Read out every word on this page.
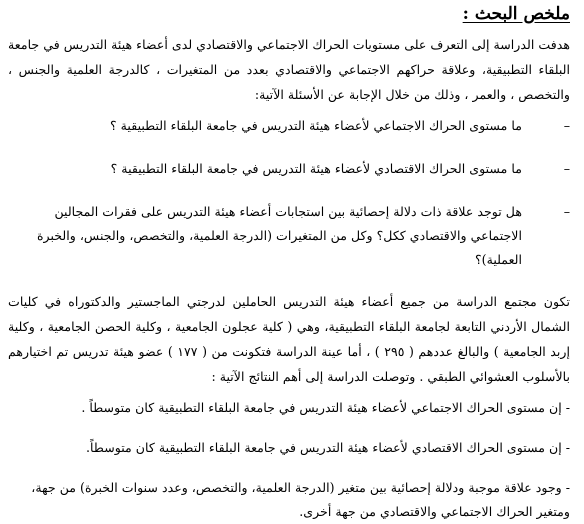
ملخص البحث :

هدفت الدراسة إلى التعرف على مستويات الحراك الاجتماعي والاقتصادي لدى أعضاء هيئة التدريس في جامعة البلقاء التطبيقية، وعلاقة حراكهم الاجتماعي والاقتصادي بعدد من المتغيرات ، كالدرجة العلمية والجنس ، والتخصص ، والعمر ، وذلك من خلال الإجابة عن الأسئلة الآتية:

–
ما مستوى الحراك الاجتماعي لأعضاء هيئة التدريس في جامعة البلقاء التطبيقية ؟
–
ما مستوى الحراك الاقتصادي لأعضاء هيئة التدريس في جامعة البلقاء التطبيقية ؟
–
هل توجد علاقة ذات دلالة إحصائية بين استجابات أعضاء هيئة التدريس على فقرات المجالين الاجتماعي والاقتصادي ككل؟ وكل من المتغيرات (الدرجة العلمية، والتخصص، والجنس، والخبرة العملية)؟

تكون مجتمع الدراسة من جميع أعضاء هيئة التدريس الحاملين لدرجتي الماجستير والدكتوراه في كليات الشمال الأردني التابعة لجامعة البلقاء التطبيقية، وهي ( كلية عجلون الجامعية ، وكلية الحصن الجامعية ، وكلية إربد الجامعية ) والبالغ عددهم ( ٢٩٥ ) ، أما عينة الدراسة فتكونت من ( ١٧٧ ) عضو هيئة تدريس تم اختيارهم بالأسلوب العشوائي الطبقي . وتوصلت الدراسة إلى أهم النتائج الآتية :

- إن مستوى الحراك الاجتماعي لأعضاء هيئة التدريس في جامعة البلقاء التطبيقية كان متوسطاً .
- إن مستوى الحراك الاقتصادي لأعضاء هيئة التدريس في جامعة البلقاء التطبيقية كان متوسطاً.
- وجود علاقة موجبة ودلالة إحصائية بين متغير (الدرجة العلمية، والتخصص، وعدد سنوات الخبرة) من جهة، ومتغير الحراك الاجتماعي والاقتصادي من جهة أخرى.
